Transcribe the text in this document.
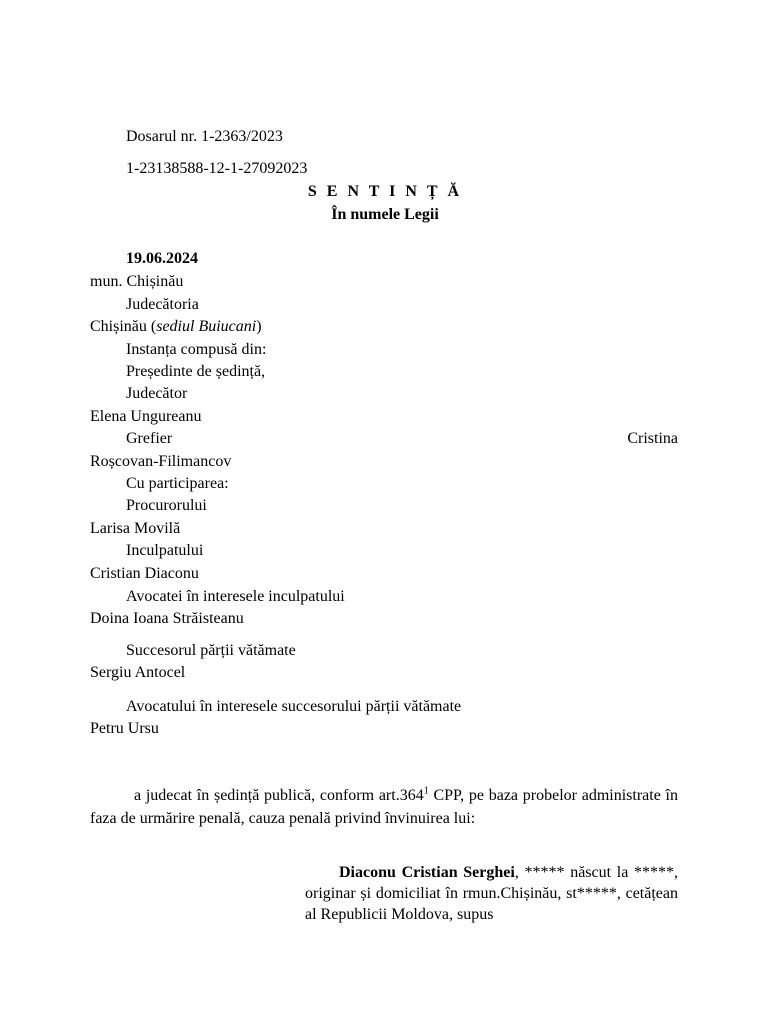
Dosarul nr. 1-2363/2023
1-23138588-12-1-27092023
S E N T I N Ț Ă
În numele Legii
19.06.2024
mun. Chișinău
Judecătoria
Chișinău (sediul Buiucani)
Instanța compusă din:
Președinte de ședință,
Judecător
Elena Ungureanu
Grefier	Cristina
Roșcovan-Filimancov
Cu participarea:
Procurorului
Larisa Movilă
Inculpatului
Cristian Diaconu
Avocatei în interesele inculpatului
Doina Ioana Străisteanu
Succesorul părții vătămate
Sergiu Antocel
Avocatului în interesele succesorului părții vătămate
Petru Ursu
a judecat în ședință publică, conform art.364$^1$ CPP, pe baza probelor administrate în faza de urmărire penală, cauza penală privind învinuirea lui:
Diaconu Cristian Serghei, ***** născut la *****, originar și domiciliat în rmun.Chișinău, st*****, cetățean al Republicii Moldova, supus
